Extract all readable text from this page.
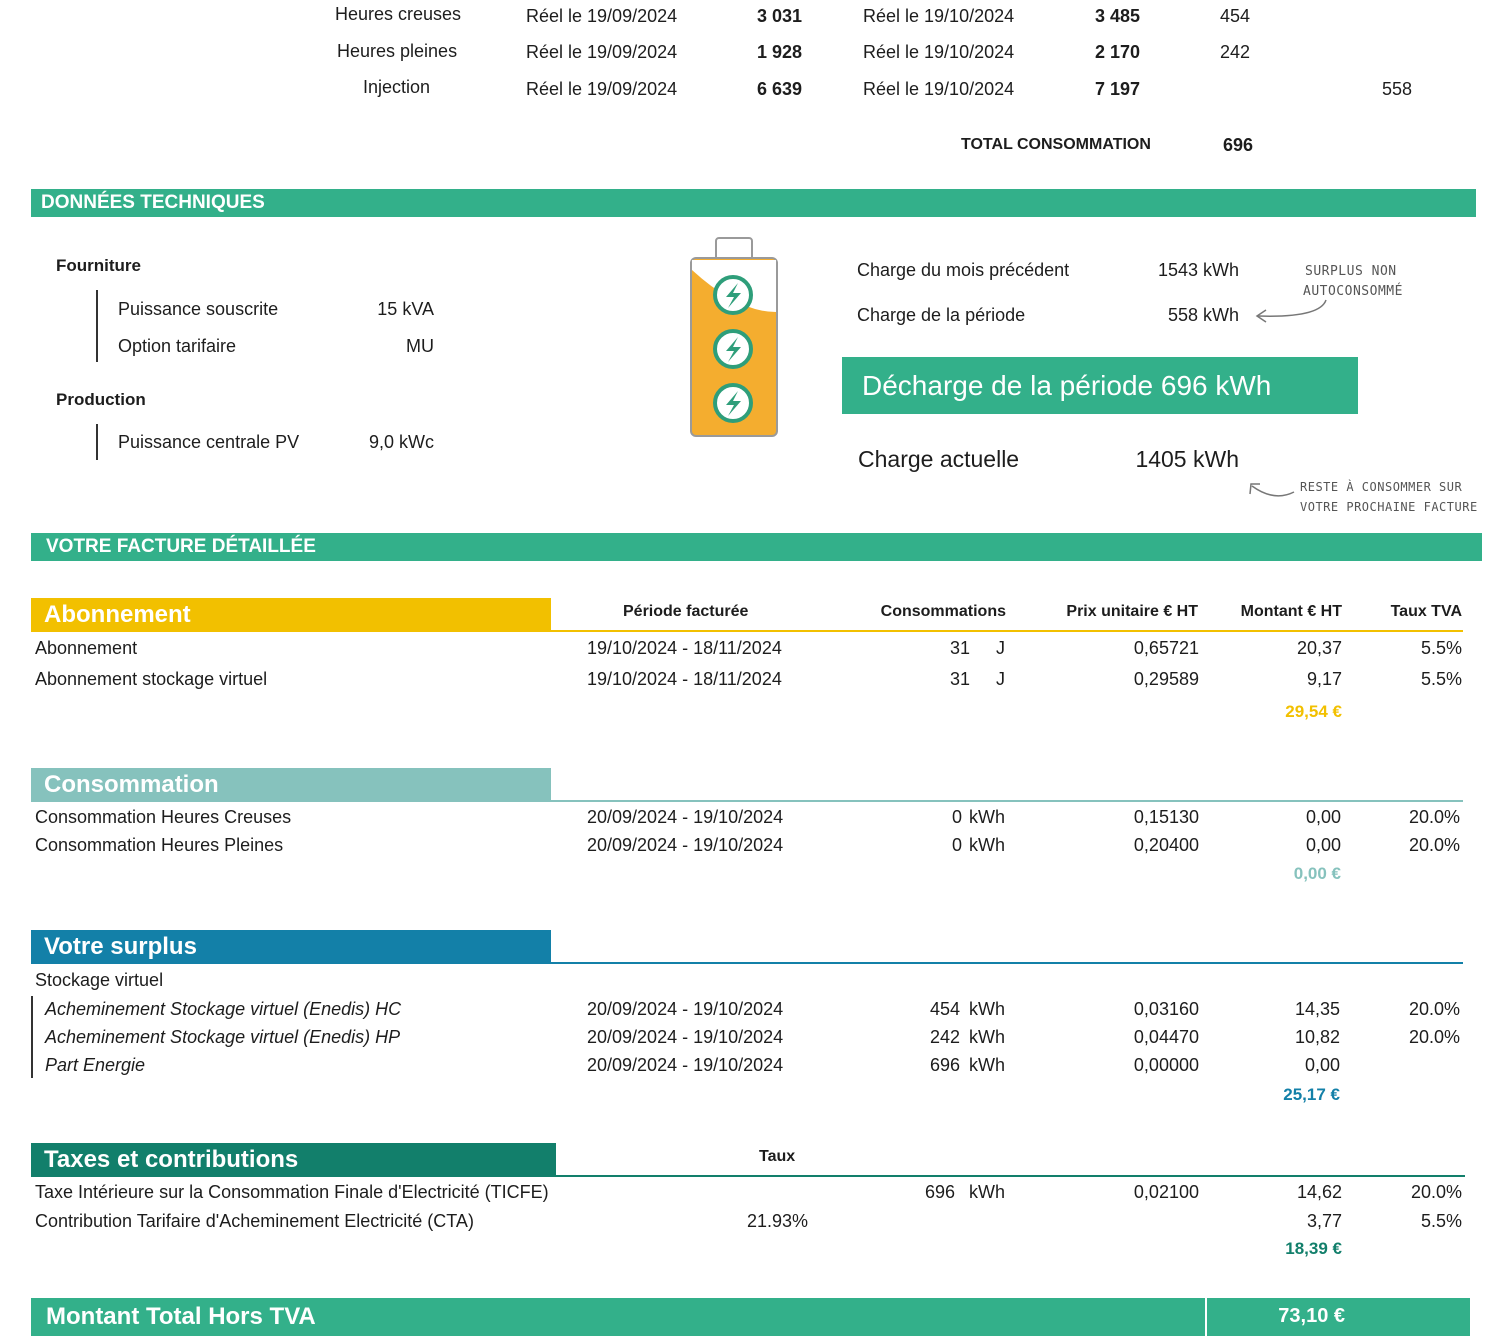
Heures creuses	Réel le 19/09/2024	3 031	Réel le 19/10/2024	3 485	454
Heures pleines	Réel le 19/09/2024	1 928	Réel le 19/10/2024	2 170	242
Injection	Réel le 19/09/2024	6 639	Réel le 19/10/2024	7 197	558
TOTAL CONSOMMATION	696
DONNÉES TECHNIQUES
Fourniture
Puissance souscrite	15 kVA
Option tarifaire	MU
Production
Puissance centrale PV	9,0 kWc
Charge du mois précédent	1543 kWh
Charge de la période	558 kWh
SURPLUS NON
AUTOCONSOMMÉ
Décharge de la période 696 kWh
Charge actuelle	1405 kWh
RESTE À CONSOMMER SUR
VOTRE PROCHAINE FACTURE
VOTRE FACTURE DÉTAILLÉE
Période facturée	Consommations	Prix unitaire € HT	Montant € HT	Taux TVA
Abonnement
Abonnement	19/10/2024 - 18/11/2024	31 J	0,65721	20,37	5.5%
Abonnement stockage virtuel	19/10/2024 - 18/11/2024	31 J	0,29589	9,17	5.5%
29,54 €
Consommation
Consommation Heures Creuses	20/09/2024 - 19/10/2024	0 kWh	0,15130	0,00	20.0%
Consommation Heures Pleines	20/09/2024 - 19/10/2024	0 kWh	0,20400	0,00	20.0%
0,00 €
Votre surplus
Stockage virtuel
Acheminement Stockage virtuel (Enedis) HC	20/09/2024 - 19/10/2024	454 kWh	0,03160	14,35	20.0%
Acheminement Stockage virtuel (Enedis) HP	20/09/2024 - 19/10/2024	242 kWh	0,04470	10,82	20.0%
Part Energie	20/09/2024 - 19/10/2024	696 kWh	0,00000	0,00
25,17 €
Taxes et contributions	Taux
Taxe Intérieure sur la Consommation Finale d'Electricité (TICFE)	696 kWh	0,02100	14,62	20.0%
Contribution Tarifaire d'Acheminement Electricité (CTA)	21.93%	3,77	5.5%
18,39 €
Montant Total Hors TVA	73,10 €
